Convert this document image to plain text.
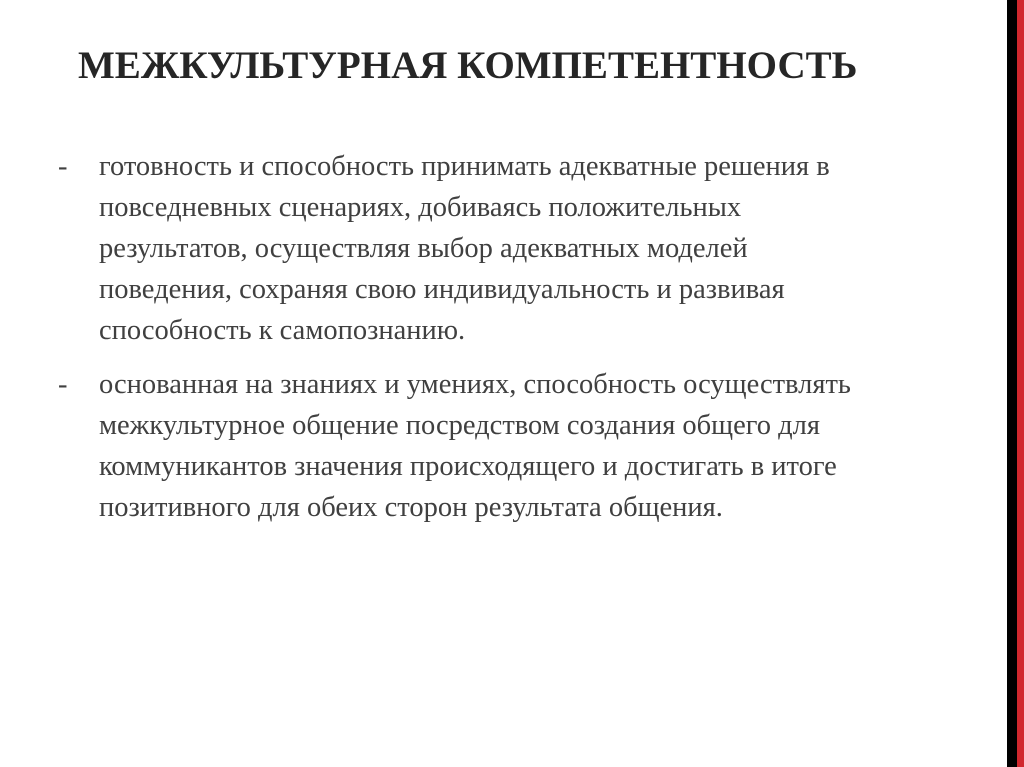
МЕЖКУЛЬТУРНАЯ КОМПЕТЕНТНОСТЬ
- готовность и способность принимать адекватные решения в повседневных сценариях, добиваясь положительных результатов, осуществляя выбор адекватных моделей поведения, сохраняя свою индивидуальность и развивая способность к самопознанию.
- основанная на знаниях и умениях, способность осуществлять межкультурное общение посредством создания общего для коммуникантов значения происходящего и достигать в итоге позитивного для обеих сторон результата общения.
